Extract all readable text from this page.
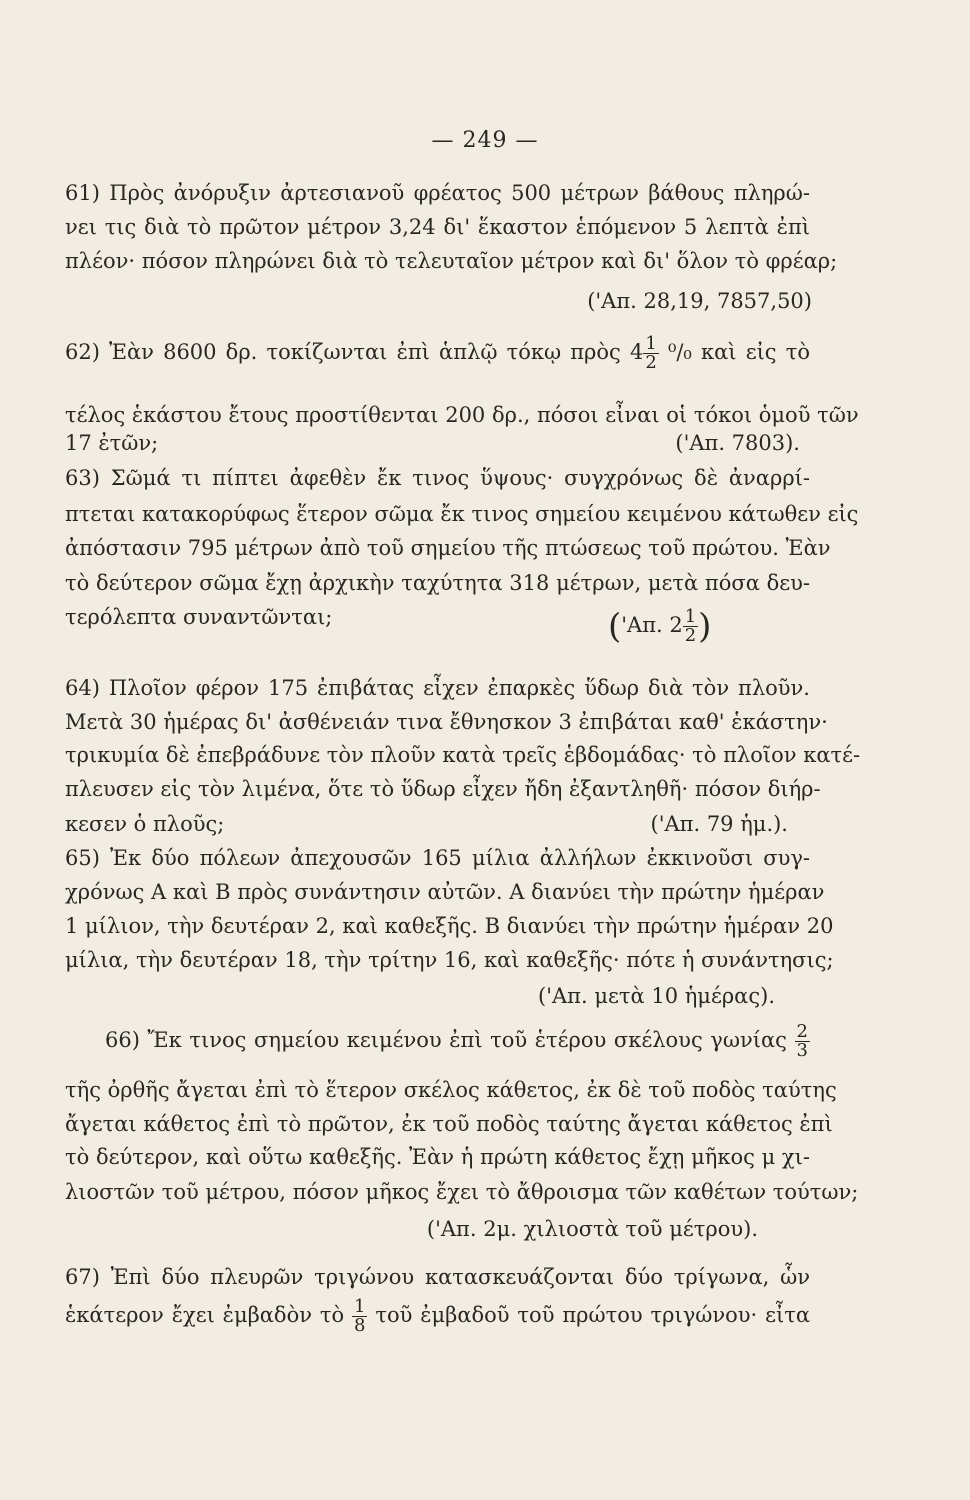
— 249 —
61) Πρὸς ἀνόρυξιν ἀρτεσιανοῦ φρέατος 500 μέτρων βάθους πληρώ-
νει τις διὰ τὸ πρῶτον μέτρον 3,24 δι' ἕκαστον ἑπόμενον 5 λεπτὰ ἐπὶ
πλέον· πόσον πληρώνει διὰ τὸ τελευταῖον μέτρον καὶ δι' ὅλον τὸ φρέαρ;
('Απ. 28,19, 7857,50)
62) Ἐὰν 8600 δρ. τοκίζωνται ἐπὶ ἁπλῷ τόκῳ πρὸς $4 \frac{1}{2} ^0/_0$ καὶ εἰς τὸ
τέλος ἑκάστου ἔτους προστίθενται 200 δρ., πόσοι εἶναι οἱ τόκοι ὁμοῦ τῶν
17 ἐτῶν;	('Απ. 7803).
63) Σῶμά τι πίπτει ἀφεθὲν ἔκ τινος ὕψους· συγχρόνως δὲ ἀναρρί-
πτεται κατακορύφως ἕτερον σῶμα ἔκ τινος σημείου κειμένου κάτωθεν εἰς
ἀπόστασιν 795 μέτρων ἀπὸ τοῦ σημείου τῆς πτώσεως τοῦ πρώτου. Ἐὰν
τὸ δεύτερον σῶμα ἔχῃ ἀρχικὴν ταχύτητα 318 μέτρων, μετὰ πόσα δευ-
τερόλεπτα συναντῶνται;	('Απ. $2 \frac{1}{2}$ )
64) Πλοῖον φέρον 175 ἐπιβάτας εἶχεν ἐπαρκὲς ὕδωρ διὰ τὸν πλοῦν.
Μετὰ 30 ἡμέρας δι' ἀσθένειάν τινα ἔθνησκον 3 ἐπιβάται καθ' ἑκάστην·
τρικυμία δὲ ἐπεβράδυνε τὸν πλοῦν κατὰ τρεῖς ἑβδομάδας· τὸ πλοῖον κατέ-
πλευσεν εἰς τὸν λιμένα, ὅτε τὸ ὕδωρ εἶχεν ἤδη ἐξαντληθῆ· πόσον διήρ-
κεσεν ὁ πλοῦς;	('Απ. 79 ἡμ.).
65) Ἐκ δύο πόλεων ἀπεχουσῶν 165 μίλια ἀλλήλων ἐκκινοῦσι συγ-
χρόνως Α καὶ Β πρὸς συνάντησιν αὐτῶν. Α διανύει τὴν πρώτην ἡμέραν
1 μίλιον, τὴν δευτέραν 2, καὶ καθεξῆς. Β διανύει τὴν πρώτην ἡμέραν 20
μίλια, τὴν δευτέραν 18, τὴν τρίτην 16, καὶ καθεξῆς· πότε ἡ συνάντησις;
('Απ. μετὰ 10 ἡμέρας).
66) Ἔκ τινος σημείου κειμένου ἐπὶ τοῦ ἑτέρου σκέλους γωνίας $\frac{2}{3}$
τῆς ὀρθῆς ἄγεται ἐπὶ τὸ ἕτερον σκέλος κάθετος, ἐκ δὲ τοῦ ποδὸς ταύτης
ἄγεται κάθετος ἐπὶ τὸ πρῶτον, ἐκ τοῦ ποδὸς ταύτης ἄγεται κάθετος ἐπὶ
τὸ δεύτερον, καὶ οὕτω καθεξῆς. Ἐὰν ἡ πρώτη κάθετος ἔχῃ μῆκος μ χι-
λιοστῶν τοῦ μέτρου, πόσον μῆκος ἔχει τὸ ἄθροισμα τῶν καθέτων τούτων;
('Απ. 2μ. χιλιοστὰ τοῦ μέτρου).
67) Ἐπὶ δύο πλευρῶν τριγώνου κατασκευάζονται δύο τρίγωνα, ὧν
ἑκάτερον ἔχει ἐμβαδὸν τὸ $\frac{1}{8}$ τοῦ ἐμβαδοῦ τοῦ πρώτου τριγώνου· εἶτα
